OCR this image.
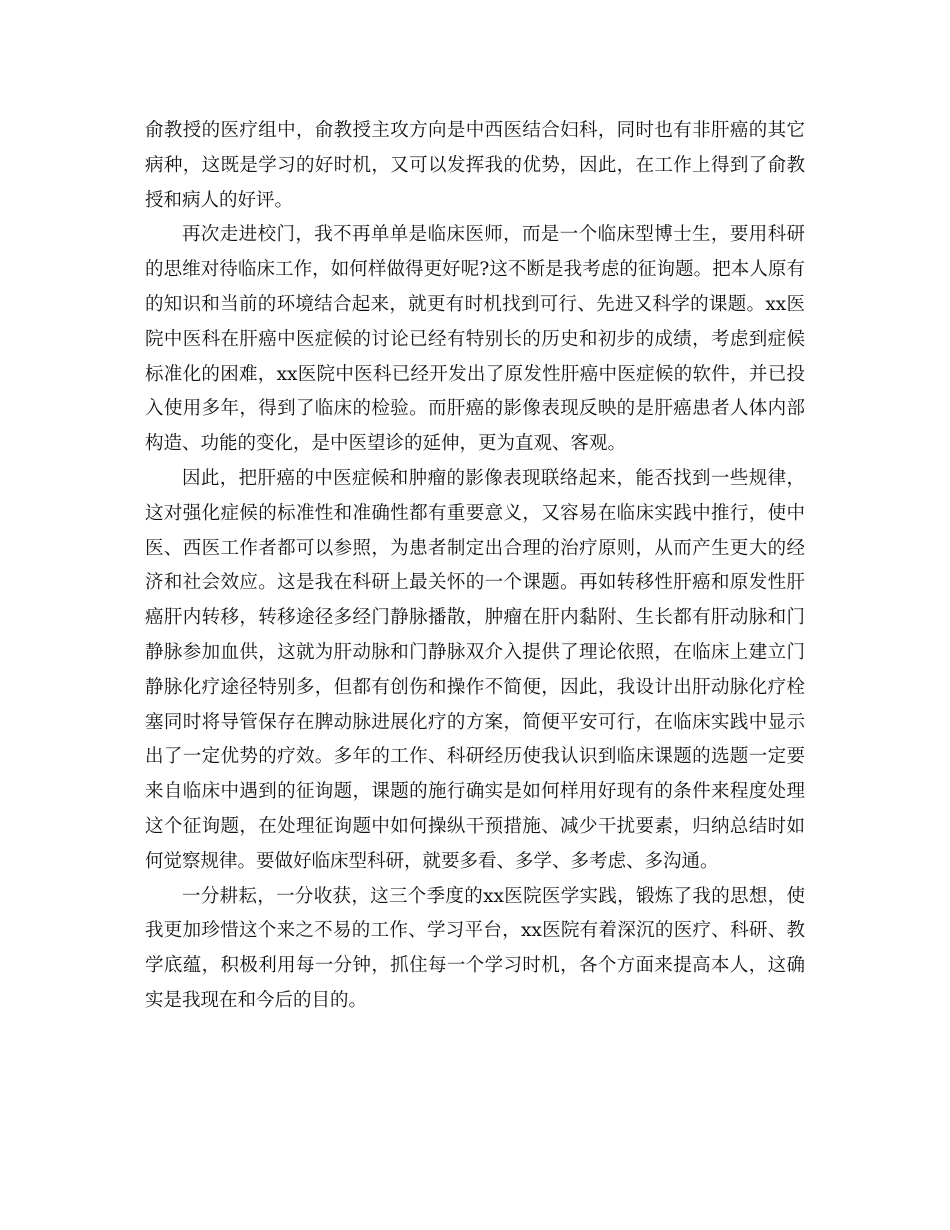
俞教授的医疗组中，俞教授主攻方向是中西医结合妇科，同时也有非肝癌的其它病种，这既是学习的好时机，又可以发挥我的优势，因此，在工作上得到了俞教授和病人的好评。

再次走进校门，我不再单单是临床医师，而是一个临床型博士生，要用科研的思维对待临床工作，如何样做得更好呢?这不断是我考虑的征询题。把本人原有的知识和当前的环境结合起来，就更有时机找到可行、先进又科学的课题。xx医院中医科在肝癌中医症候的讨论已经有特别长的历史和初步的成绩，考虑到症候标准化的困难，xx医院中医科已经开发出了原发性肝癌中医症候的软件，并已投入使用多年，得到了临床的检验。而肝癌的影像表现反映的是肝癌患者人体内部构造、功能的变化，是中医望诊的延伸，更为直观、客观。

因此，把肝癌的中医症候和肿瘤的影像表现联络起来，能否找到一些规律，这对强化症候的标准性和准确性都有重要意义，又容易在临床实践中推行，使中医、西医工作者都可以参照，为患者制定出合理的治疗原则，从而产生更大的经济和社会效应。这是我在科研上最关怀的一个课题。再如转移性肝癌和原发性肝癌肝内转移，转移途径多经门静脉播散，肿瘤在肝内黏附、生长都有肝动脉和门静脉参加血供，这就为肝动脉和门静脉双介入提供了理论依照，在临床上建立门静脉化疗途径特别多，但都有创伤和操作不简便，因此，我设计出肝动脉化疗栓塞同时将导管保存在脾动脉进展化疗的方案，简便平安可行，在临床实践中显示出了一定优势的疗效。多年的工作、科研经历使我认识到临床课题的选题一定要来自临床中遇到的征询题，课题的施行确实是如何样用好现有的条件来程度处理这个征询题，在处理征询题中如何操纵干预措施、减少干扰要素，归纳总结时如何觉察规律。要做好临床型科研，就要多看、多学、多考虑、多沟通。

一分耕耘，一分收获，这三个季度的xx医院医学实践，锻炼了我的思想，使我更加珍惜这个来之不易的工作、学习平台，xx医院有着深沉的医疗、科研、教学底蕴，积极利用每一分钟，抓住每一个学习时机，各个方面来提高本人，这确实是我现在和今后的目的。
